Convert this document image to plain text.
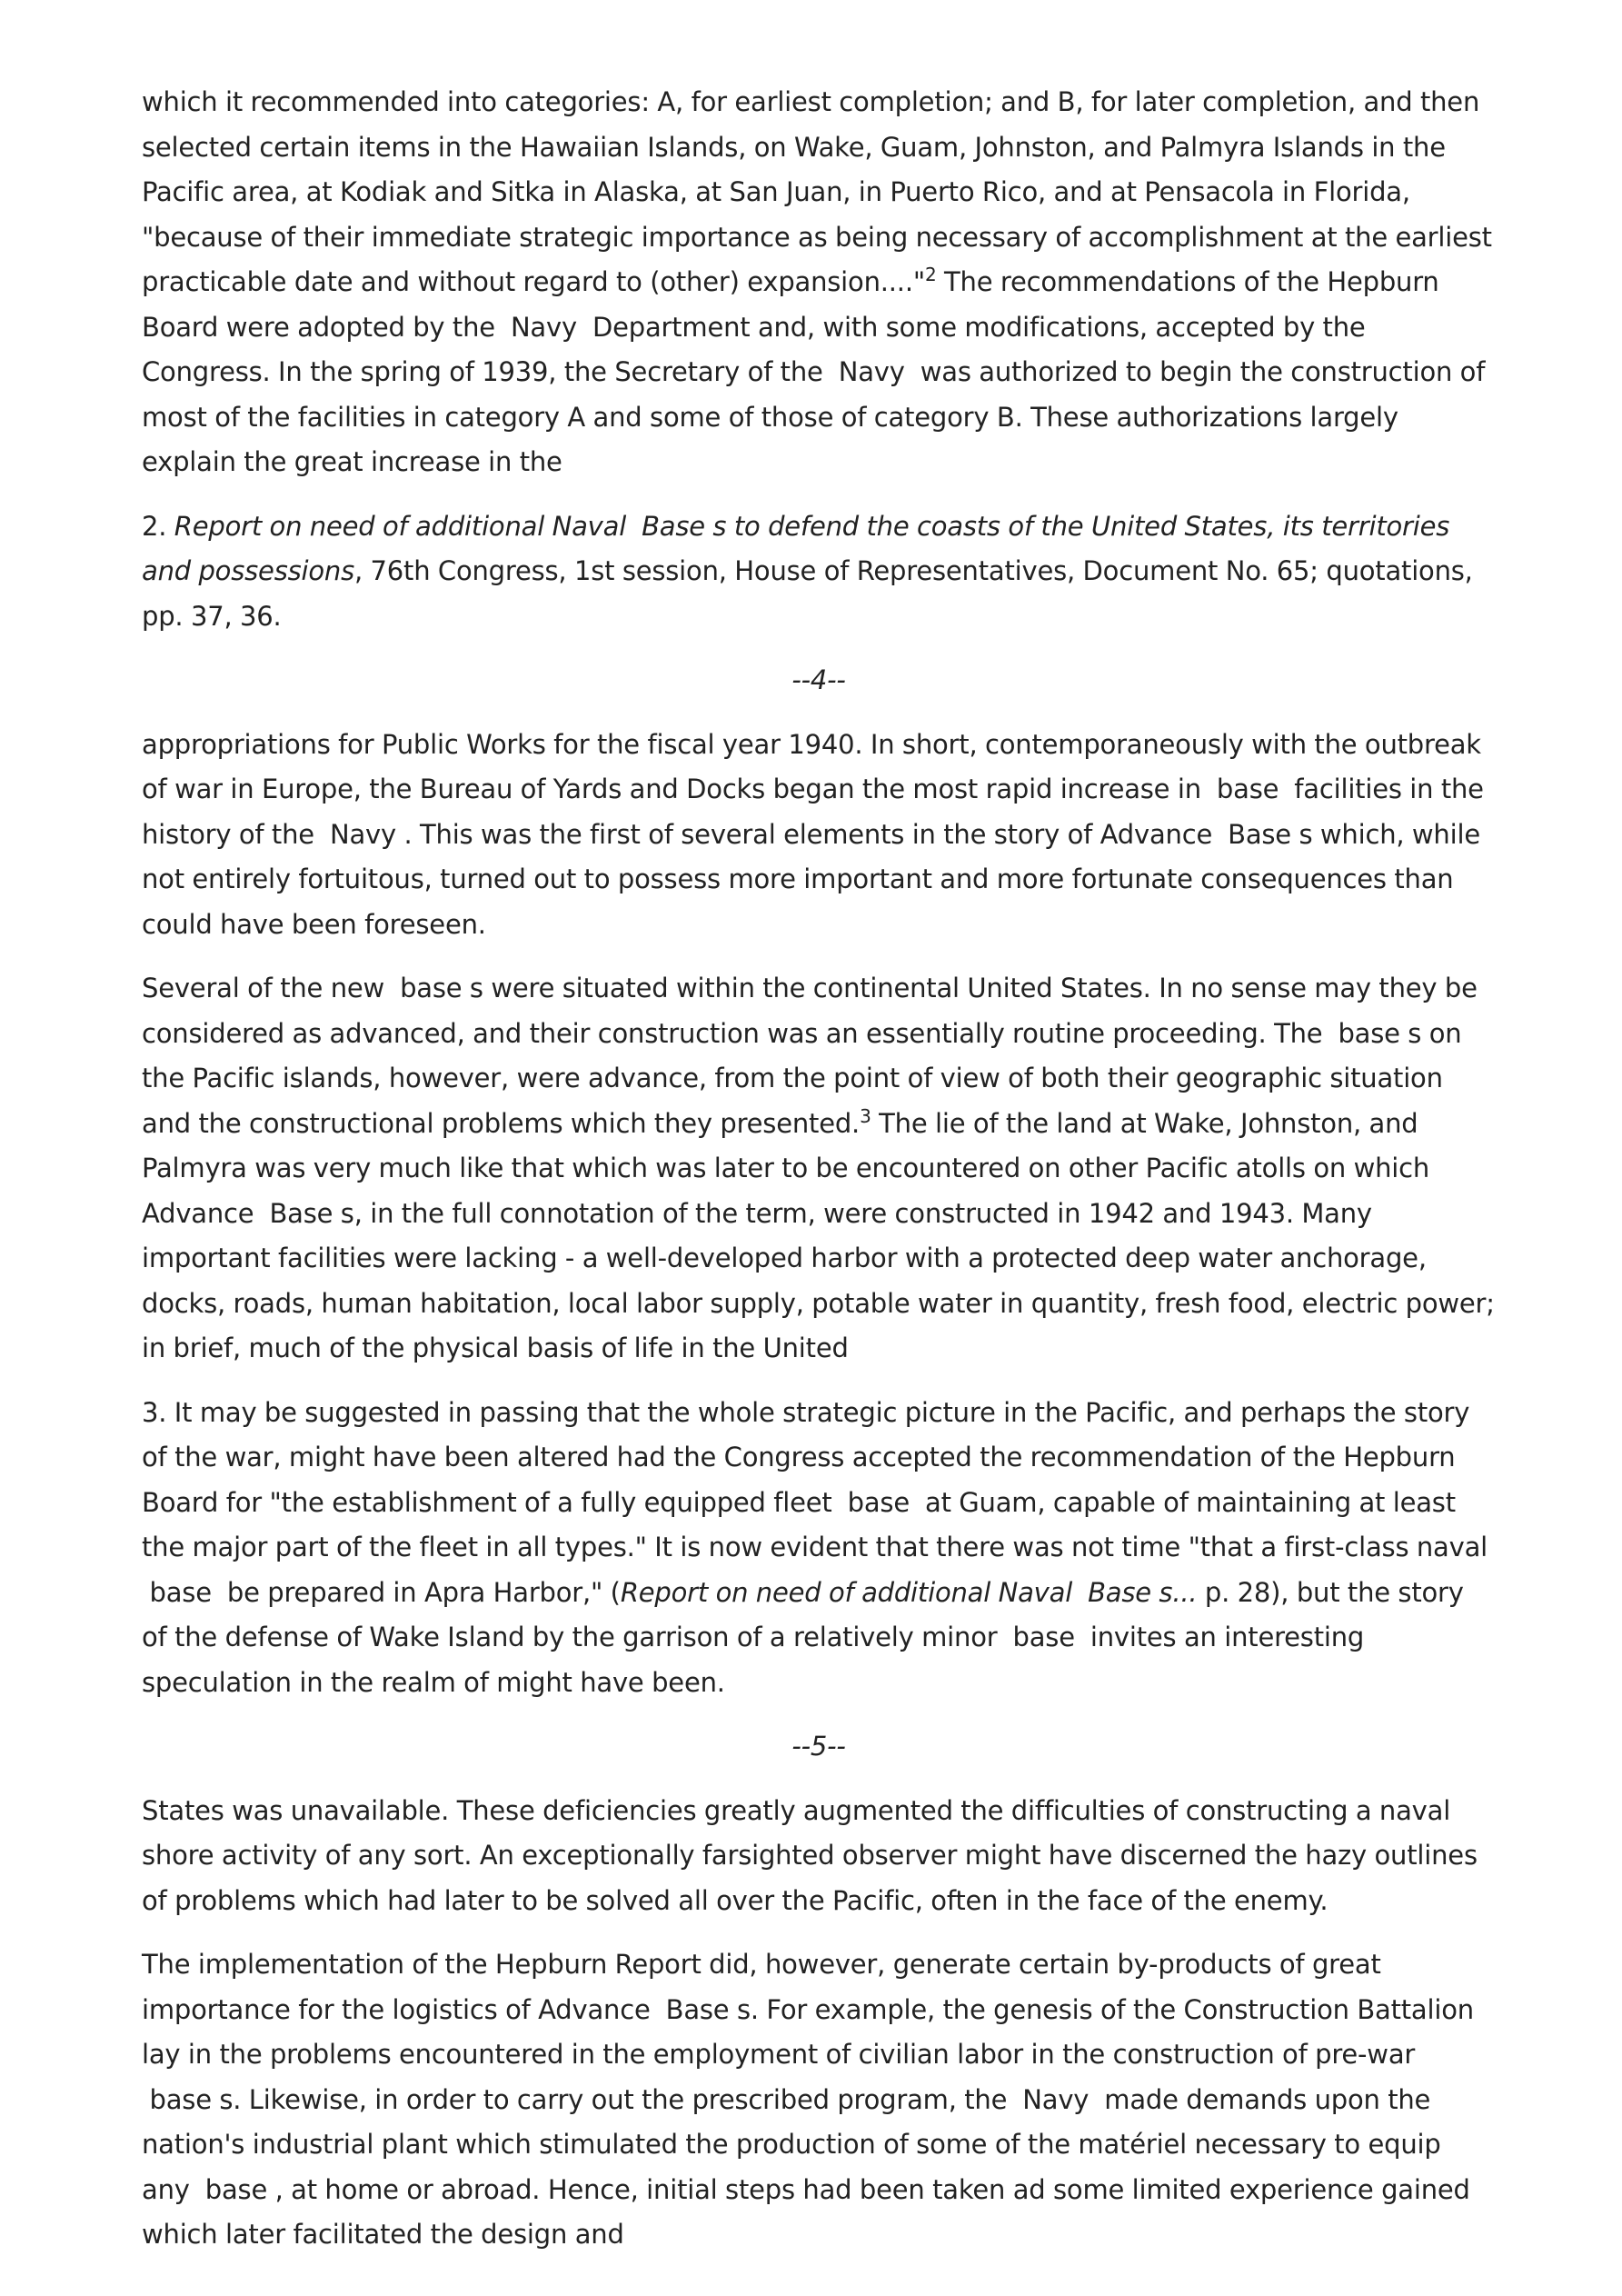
which it recommended into categories: A, for earliest completion; and B, for later completion, and then selected certain items in the Hawaiian Islands, on Wake, Guam, Johnston, and Palmyra Islands in the Pacific area, at Kodiak and Sitka in Alaska, at San Juan, in Puerto Rico, and at Pensacola in Florida, "because of their immediate strategic importance as being necessary of accomplishment at the earliest practicable date and without regard to (other) expansion...."$^2$ The recommendations of the Hepburn Board were adopted by the  Navy  Department and, with some modifications, accepted by the Congress. In the spring of 1939, the Secretary of the  Navy  was authorized to begin the construction of most of the facilities in category A and some of those of category B. These authorizations largely explain the great increase in the

2. Report on need of additional Naval  Base s to defend the coasts of the United States, its territories and possessions, 76th Congress, 1st session, House of Representatives, Document No. 65; quotations, pp. 37, 36.

--4--

appropriations for Public Works for the fiscal year 1940. In short, contemporaneously with the outbreak of war in Europe, the Bureau of Yards and Docks began the most rapid increase in  base  facilities in the history of the  Navy . This was the first of several elements in the story of Advance  Base s which, while not entirely fortuitous, turned out to possess more important and more fortunate consequences than could have been foreseen.

Several of the new  base s were situated within the continental United States. In no sense may they be considered as advanced, and their construction was an essentially routine proceeding. The  base s on the Pacific islands, however, were advance, from the point of view of both their geographic situation and the constructional problems which they presented.$^3$ The lie of the land at Wake, Johnston, and Palmyra was very much like that which was later to be encountered on other Pacific atolls on which Advance  Base s, in the full connotation of the term, were constructed in 1942 and 1943. Many important facilities were lacking - a well-developed harbor with a protected deep water anchorage, docks, roads, human habitation, local labor supply, potable water in quantity, fresh food, electric power; in brief, much of the physical basis of life in the United

3. It may be suggested in passing that the whole strategic picture in the Pacific, and perhaps the story of the war, might have been altered had the Congress accepted the recommendation of the Hepburn Board for "the establishment of a fully equipped fleet  base  at Guam, capable of maintaining at least the major part of the fleet in all types." It is now evident that there was not time "that a first-class naval  base  be prepared in Apra Harbor," (Report on need of additional Naval  Base s... p. 28), but the story of the defense of Wake Island by the garrison of a relatively minor  base  invites an interesting speculation in the realm of might have been.

--5--

States was unavailable. These deficiencies greatly augmented the difficulties of constructing a naval shore activity of any sort. An exceptionally farsighted observer might have discerned the hazy outlines of problems which had later to be solved all over the Pacific, often in the face of the enemy.

The implementation of the Hepburn Report did, however, generate certain by-products of great importance for the logistics of Advance  Base s. For example, the genesis of the Construction Battalion lay in the problems encountered in the employment of civilian labor in the construction of pre-war  base s. Likewise, in order to carry out the prescribed program, the  Navy  made demands upon the nation's industrial plant which stimulated the production of some of the matériel necessary to equip any  base , at home or abroad. Hence, initial steps had been taken ad some limited experience gained which later facilitated the design and
